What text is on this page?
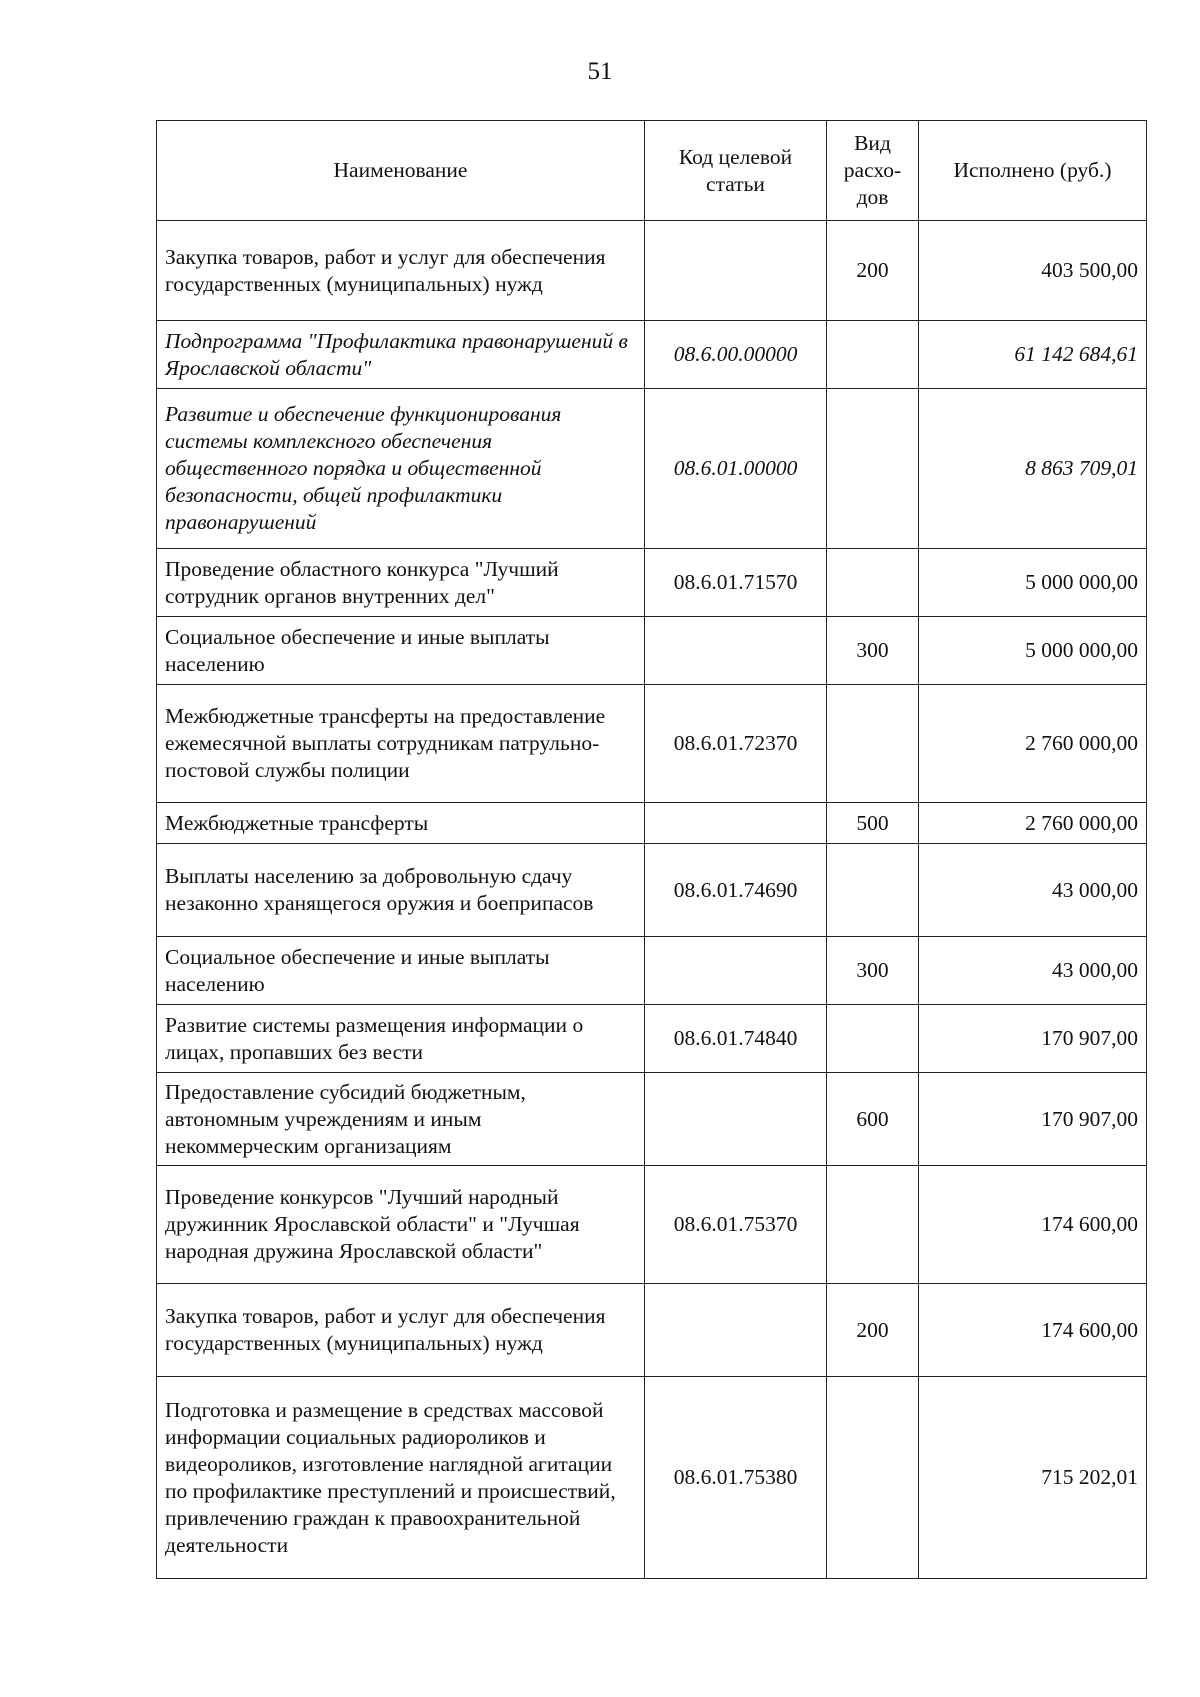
51
Наименование	Код целевой статьи	Вид расхо-дов	Исполнено (руб.)
Закупка товаров, работ и услуг для обеспечения государственных (муниципальных) нужд		200	403 500,00
Подпрограмма "Профилактика правонарушений в Ярославской области"	08.6.00.00000		61 142 684,61
Развитие и обеспечение функционирования системы комплексного обеспечения общественного порядка и общественной безопасности, общей профилактики правонарушений	08.6.01.00000		8 863 709,01
Проведение областного конкурса "Лучший сотрудник органов внутренних дел"	08.6.01.71570		5 000 000,00
Социальное обеспечение и иные выплаты населению		300	5 000 000,00
Межбюджетные трансферты на предоставление ежемесячной выплаты сотрудникам патрульно-постовой службы полиции	08.6.01.72370		2 760 000,00
Межбюджетные трансферты		500	2 760 000,00
Выплаты населению за добровольную сдачу незаконно хранящегося оружия и боеприпасов	08.6.01.74690		43 000,00
Социальное обеспечение и иные выплаты населению		300	43 000,00
Развитие системы размещения информации о лицах, пропавших без вести	08.6.01.74840		170 907,00
Предоставление субсидий бюджетным, автономным учреждениям и иным некоммерческим организациям		600	170 907,00
Проведение конкурсов "Лучший народный дружинник Ярославской области" и "Лучшая народная дружина Ярославской области"	08.6.01.75370		174 600,00
Закупка товаров, работ и услуг для обеспечения государственных (муниципальных) нужд		200	174 600,00
Подготовка и размещение в средствах массовой информации социальных радиороликов и видеороликов, изготовление наглядной агитации по профилактике преступлений и происшествий, привлечению граждан к правоохранительной деятельности	08.6.01.75380		715 202,01
